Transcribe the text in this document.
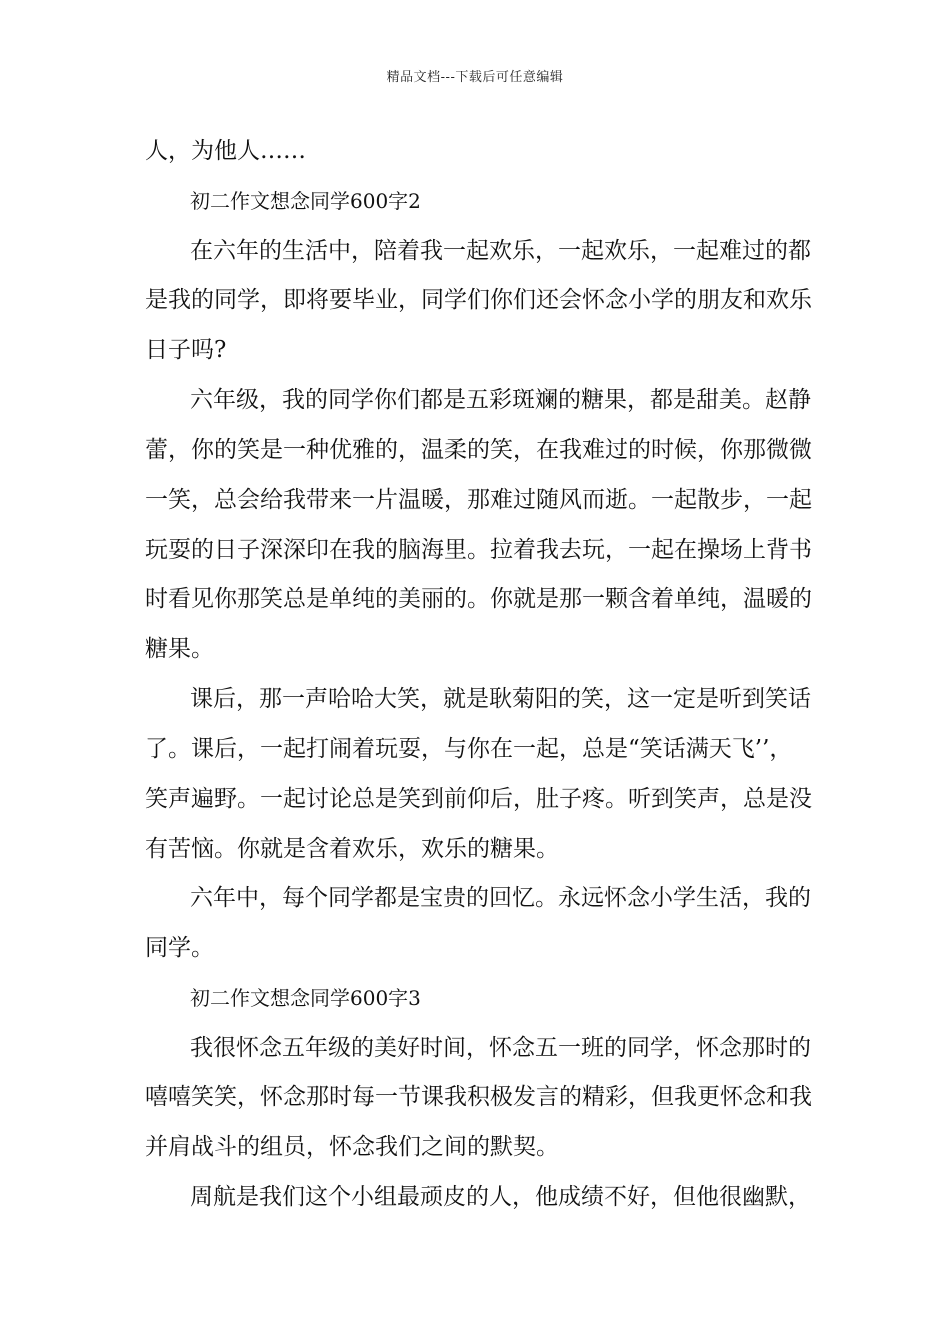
精品文档---下载后可任意编辑
人，为他人……
初二作文想念同学600字2
在六年的生活中，陪着我一起欢乐，一起欢乐，一起难过的都
是我的同学，即将要毕业，同学们你们还会怀念小学的朋友和欢乐
日子吗?
六年级，我的同学你们都是五彩斑斓的糖果，都是甜美。赵静
蕾，你的笑是一种优雅的，温柔的笑，在我难过的时候，你那微微
一笑，总会给我带来一片温暖，那难过随风而逝。一起散步，一起
玩耍的日子深深印在我的脑海里。拉着我去玩，一起在操场上背书
时看见你那笑总是单纯的美丽的。你就是那一颗含着单纯，温暖的
糖果。
课后，那一声哈哈大笑，就是耿菊阳的笑，这一定是听到笑话
了。课后，一起打闹着玩耍，与你在一起，总是“笑话满天飞’’，
笑声遍野。一起讨论总是笑到前仰后，肚子疼。听到笑声，总是没
有苦恼。你就是含着欢乐，欢乐的糖果。
六年中，每个同学都是宝贵的回忆。永远怀念小学生活，我的
同学。
初二作文想念同学600字3
我很怀念五年级的美好时间，怀念五一班的同学，怀念那时的
嘻嘻笑笑，怀念那时每一节课我积极发言的精彩，但我更怀念和我
并肩战斗的组员，怀念我们之间的默契。
周航是我们这个小组最顽皮的人，他成绩不好，但他很幽默，
